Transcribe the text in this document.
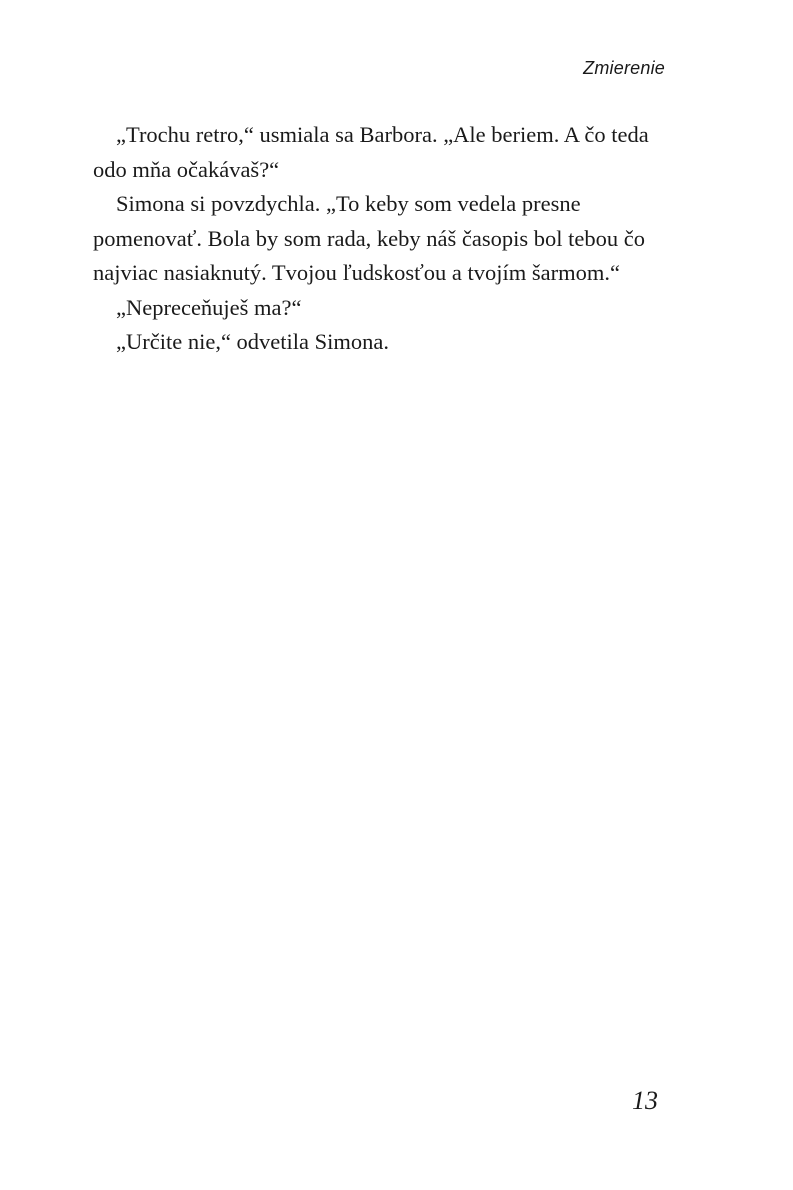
Zmierenie

„Trochu retro,“ usmiala sa Barbora. „Ale beriem. A čo teda odo mňa očakávaš?“

Simona si povzdychla. „To keby som vedela presne pomenovať. Bola by som rada, keby náš časopis bol tebou čo najviac nasiaknutý. Tvojou ľudskosťou a tvojím šarmom.“

„Nepreceňuješ ma?“

„Určite nie,“ odvetila Simona.

13
